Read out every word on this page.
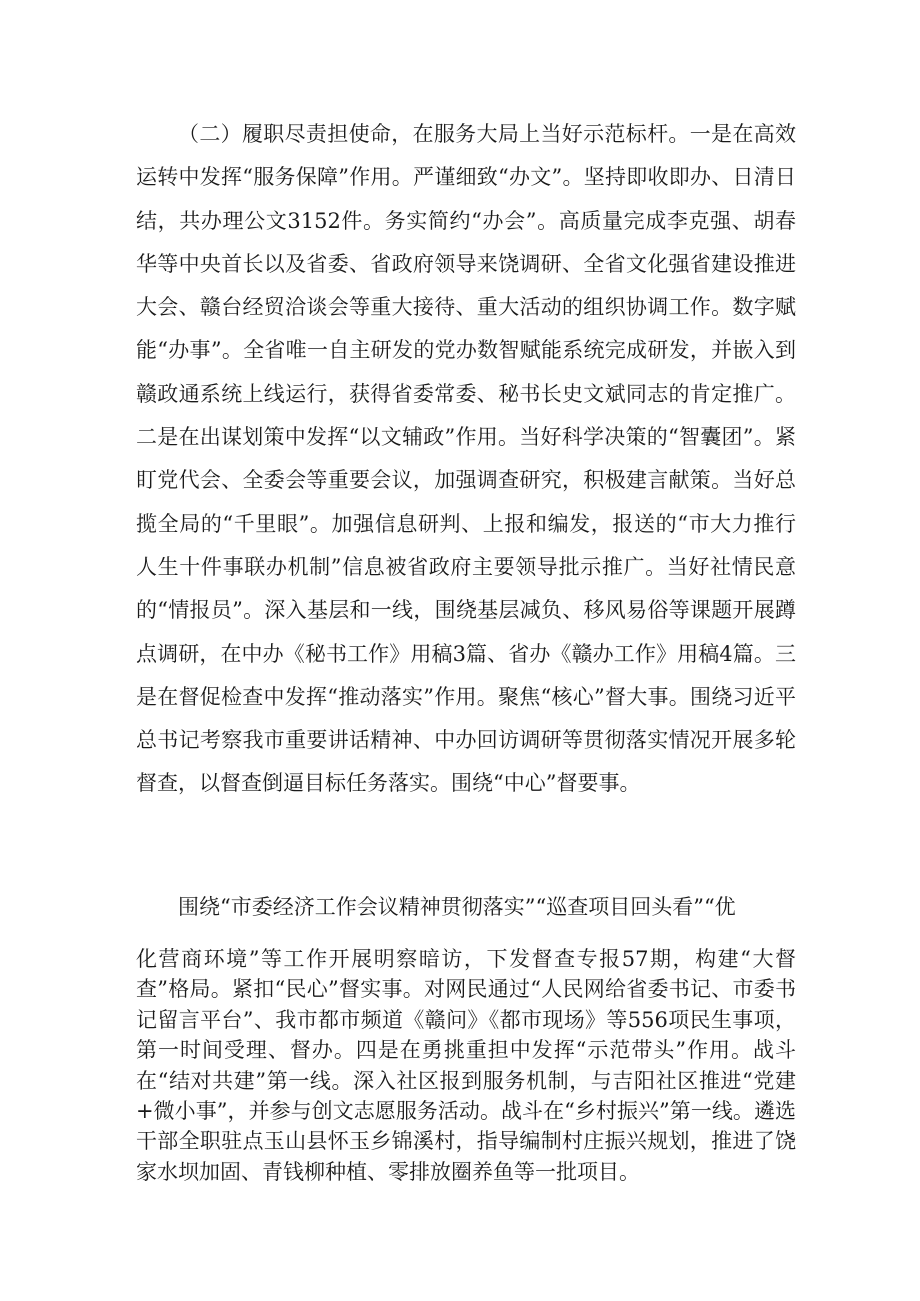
（二）履职尽责担使命，在服务大局上当好示范标杆。一是在高效运转中发挥“服务保障”作用。严谨细致“办文”。坚持即收即办、日清日结，共办理公文3152件。务实简约“办会”。高质量完成李克强、胡春华等中央首长以及省委、省政府领导来饶调研、全省文化强省建设推进大会、赣台经贸洽谈会等重大接待、重大活动的组织协调工作。数字赋能“办事”。全省唯一自主研发的党办数智赋能系统完成研发，并嵌入到赣政通系统上线运行，获得省委常委、秘书长史文斌同志的肯定推广。二是在出谋划策中发挥“以文辅政”作用。当好科学决策的“智囊团”。紧盯党代会、全委会等重要会议，加强调查研究，积极建言献策。当好总揽全局的“千里眼”。加强信息研判、上报和编发，报送的“市大力推行人生十件事联办机制”信息被省政府主要领导批示推广。当好社情民意的“情报员”。深入基层和一线，围绕基层减负、移风易俗等课题开展蹲点调研，在中办《秘书工作》用稿3篇、省办《赣办工作》用稿4篇。三是在督促检查中发挥“推动落实”作用。聚焦“核心”督大事。围绕习近平总书记考察我市重要讲话精神、中办回访调研等贯彻落实情况开展多轮督查，以督查倒逼目标任务落实。围绕“中心”督要事。

围绕“市委经济工作会议精神贯彻落实”“巡查项目回头看”“优

化营商环境”等工作开展明察暗访，下发督查专报57期，构建“大督查”格局。紧扣“民心”督实事。对网民通过“人民网给省委书记、市委书记留言平台”、我市都市频道《赣问》《都市现场》等556项民生事项，第一时间受理、督办。四是在勇挑重担中发挥“示范带头”作用。战斗在“结对共建”第一线。深入社区报到服务机制，与吉阳社区推进“党建+微小事”，并参与创文志愿服务活动。战斗在“乡村振兴”第一线。遴选干部全职驻点玉山县怀玉乡锦溪村，指导编制村庄振兴规划，推进了饶家水坝加固、青钱柳种植、零排放圈养鱼等一批项目。
